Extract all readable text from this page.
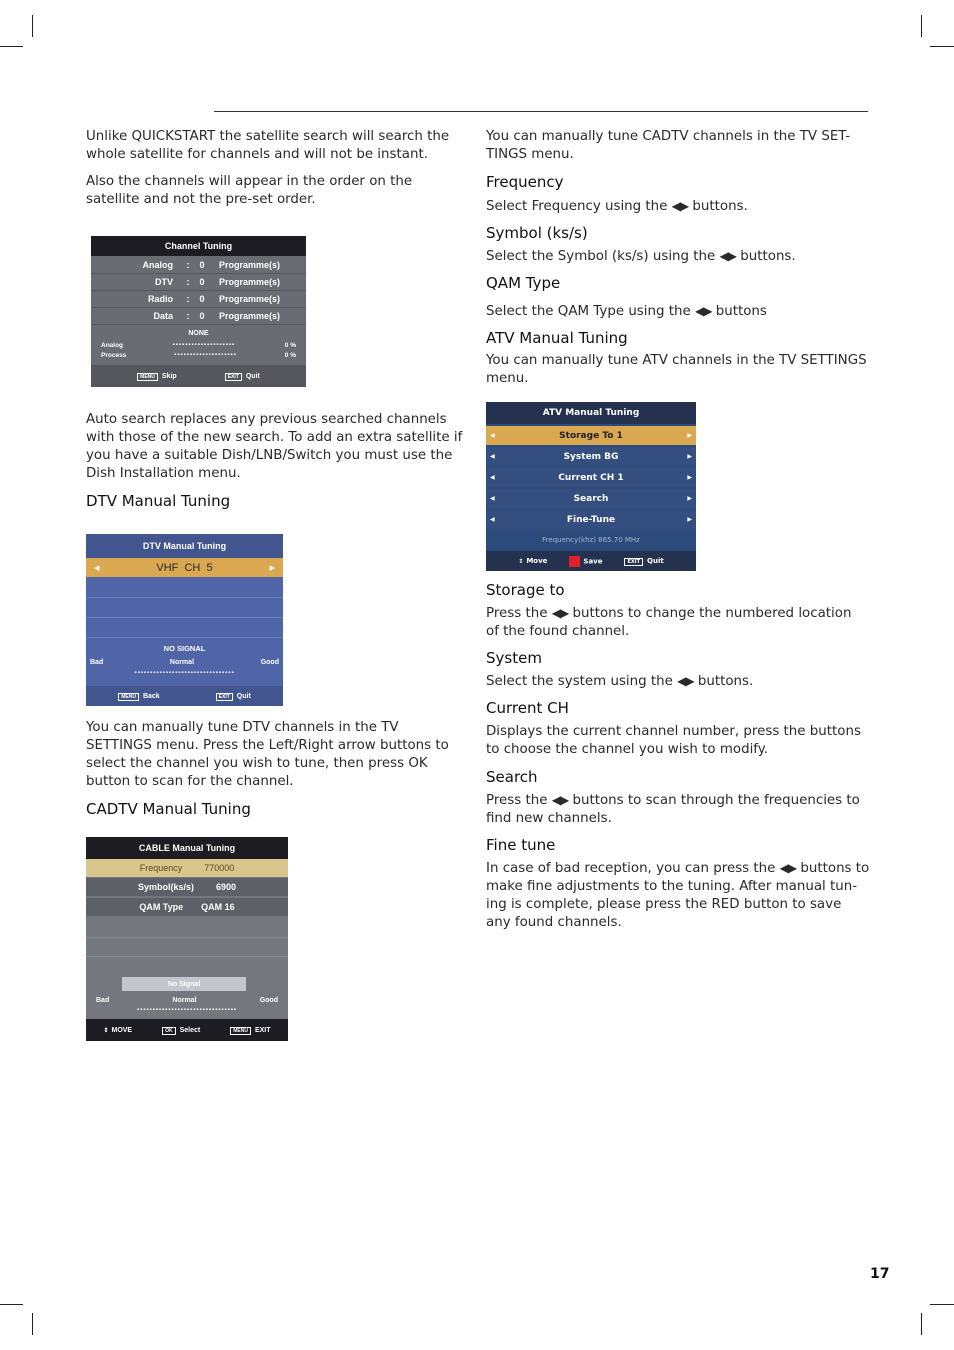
Unlike QUICKSTART the satellite search will search the whole satellite for channels and will not be instant.

Also the channels will appear in the order on the satellite and not the pre-set order.

Auto search replaces any previous searched channels with those of the new search. To add an extra satellite if you have a suitable Dish/LNB/Switch you must use the Dish Installation menu.

DTV Manual Tuning

You can manually tune DTV channels in the TV SETTINGS menu. Press the Left/Right arrow buttons to select the channel you wish to tune, then press OK button to scan for the channel.

CADTV Manual Tuning
Channel Tuning
Analog	:	0	Programme(s)
DTV	:	0	Programme(s)
Radio	:	0	Programme(s)
Data	:	0	Programme(s)
NONE
Analog	▪▪▪▪▪▪▪▪▪▪▪▪▪▪▪▪▪▪▪▪	0 %
Process	▪▪▪▪▪▪▪▪▪▪▪▪▪▪▪▪▪▪▪▪	0 %
MENU Skip	EXIT Quit
DTV Manual Tuning
◀	VHF  CH  5	▶
NO SIGNAL
Bad	Normal	Good
▪▪▪▪▪▪▪▪▪▪▪▪▪▪▪▪▪▪▪▪▪▪▪▪▪▪▪▪▪▪▪▪
MENU Back	EXIT Quit
CABLE Manual Tuning
Frequency 770000
Symbol(ks/s) 6900
QAM Type QAM 16
No Signal
Bad	Normal	Good
▪▪▪▪▪▪▪▪▪▪▪▪▪▪▪▪▪▪▪▪▪▪▪▪▪▪▪▪▪▪▪▪
⇕ MOVE	OK Select	MENU EXIT

You can manually tune CADTV channels in the TV SET-TINGS menu.

Frequency

Select Frequency using the ◀▶ buttons.

Symbol (ks/s)

Select the Symbol (ks/s) using the ◀▶ buttons.

QAM Type

Select the QAM Type using the ◀▶ buttons

ATV Manual Tuning

You can manually tune ATV channels in the TV SETTINGS menu.

ATV Manual Tuning
◀	Storage To 1	▶
◀	System BG	▶
◀	Current CH 1	▶
◀	Search	▶
◀	Fine-Tune	▶
Frequency(khz) 865.70 MHz
⇕ Move	Save	EXIT Quit
Storage to

Press the ◀▶ buttons to change the numbered location of the found channel.

System

Select the system using the ◀▶ buttons.

Current CH

Displays the current channel number, press the buttons to choose the channel you wish to modify.

Search

Press the ◀▶ buttons to scan through the frequencies to find new channels.

Fine tune

In case of bad reception, you can press the ◀▶ buttons to make fine adjustments to the tuning. After manual tun-ing is complete, please press the RED button to save any found channels.

17
